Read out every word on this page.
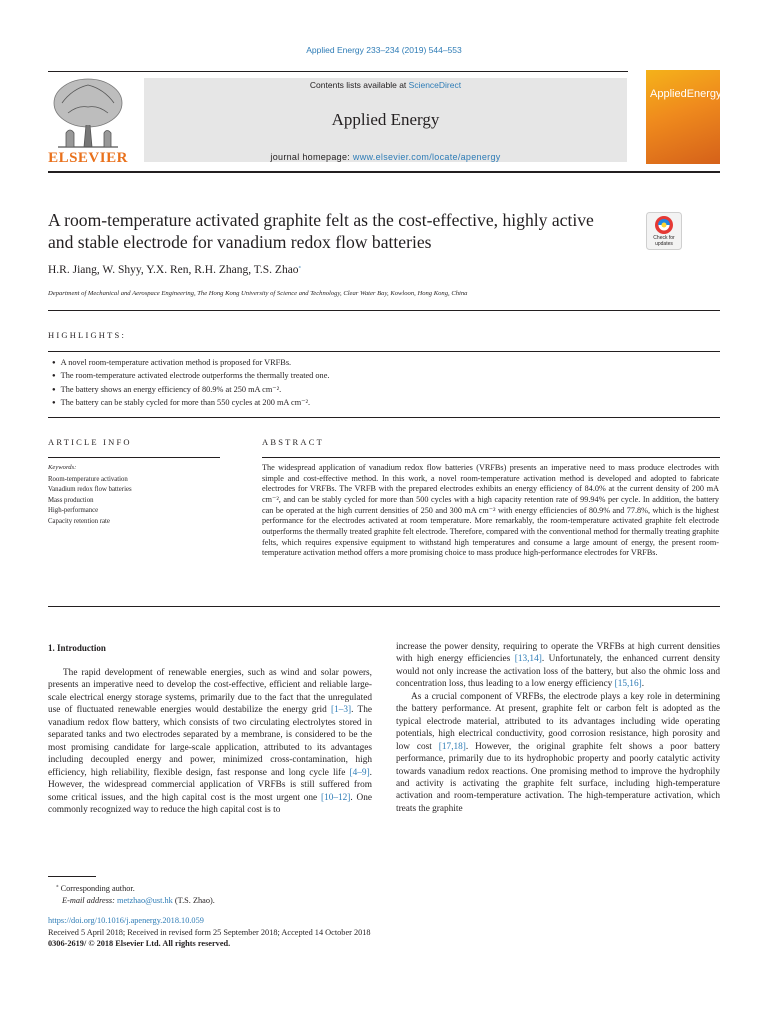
Applied Energy 233–234 (2019) 544–553
Contents lists available at ScienceDirect
Applied Energy
journal homepage: www.elsevier.com/locate/apenergy
ELSEVIER
AppliedEnergy
A room-temperature activated graphite felt as the cost-effective, highly active and stable electrode for vanadium redox flow batteries	Check for
updates
H.R. Jiang, W. Shyy, Y.X. Ren, R.H. Zhang, T.S. Zhao⁎
Department of Mechanical and Aerospace Engineering, The Hong Kong University of Science and Technology, Clear Water Bay, Kowloon, Hong Kong, China
HIGHLIGHTS:
● A novel room-temperature activation method is proposed for VRFBs.
● The room-temperature activated electrode outperforms the thermally treated one.
● The battery shows an energy efficiency of 80.9% at 250 mA cm⁻².
● The battery can be stably cycled for more than 550 cycles at 200 mA cm⁻².
ARTICLE INFO
Keywords:
Room-temperature activation
Vanadium redox flow batteries
Mass production
High-performance
Capacity retention rate
ABSTRACT
The widespread application of vanadium redox flow batteries (VRFBs) presents an imperative need to mass produce electrodes with simple and cost-effective method. In this work, a novel room-temperature activation method is developed and adopted to fabricate electrodes for VRFBs. The VRFB with the prepared electrodes exhibits an energy efficiency of 84.0% at the current density of 200 mA cm⁻², and can be stably cycled for more than 500 cycles with a high capacity retention rate of 99.94% per cycle. In addition, the battery can be operated at the high current densities of 250 and 300 mA cm⁻² with energy efficiencies of 80.9% and 77.8%, which is the highest performance for the electrodes activated at room temperature. More remarkably, the room-temperature activated graphite felt electrode outperforms the thermally treated graphite felt electrode. Therefore, compared with the conventional method for thermally treating graphite felts, which requires expensive equipment to withstand high temperatures and consume a large amount of energy, the present room-temperature activation method offers a more promising choice to mass produce high-performance electrodes for VRFBs.
1. Introduction

The rapid development of renewable energies, such as wind and solar powers, presents an imperative need to develop the cost-effective, efficient and reliable large-scale electrical energy storage systems, primarily due to the fact that the unregulated use of fluctuated renewable energies would destabilize the energy grid [1–3]. The vanadium redox flow battery, which consists of two circulating electrolytes stored in separated tanks and two electrodes separated by a membrane, is considered to be the most promising candidate for large-scale application, attributed to its advantages including decoupled energy and power, minimized cross-contamination, high efficiency, high reliability, flexible design, fast response and long cycle life [4–9]. However, the widespread commercial application of VRFBs is still suffered from some critical issues, and the high capital cost is the most urgent one [10–12]. One commonly recognized way to reduce the high capital cost is to

increase the power density, requiring to operate the VRFBs at high current densities with high energy efficiencies [13,14]. Unfortunately, the enhanced current density would not only increase the activation loss of the battery, but also the ohmic loss and concentration loss, thus leading to a low energy efficiency [15,16].

As a crucial component of VRFBs, the electrode plays a key role in determining the battery performance. At present, graphite felt or carbon felt is adopted as the typical electrode material, attributed to its advantages including wide operating potentials, high electrical conductivity, good corrosion resistance, high porosity and low cost [17,18]. However, the original graphite felt shows a poor battery performance, primarily due to its hydrophobic property and poorly catalytic activity towards vanadium redox reactions. One promising method to improve the hydrophily and activity is activating the graphite felt surface, including high-temperature activation and room-temperature activation. The high-temperature activation, which treats the graphite

⁎ Corresponding author.
E-mail address: metzhao@ust.hk (T.S. Zhao).
https://doi.org/10.1016/j.apenergy.2018.10.059
Received 5 April 2018; Received in revised form 25 September 2018; Accepted 14 October 2018
0306-2619/ © 2018 Elsevier Ltd. All rights reserved.
